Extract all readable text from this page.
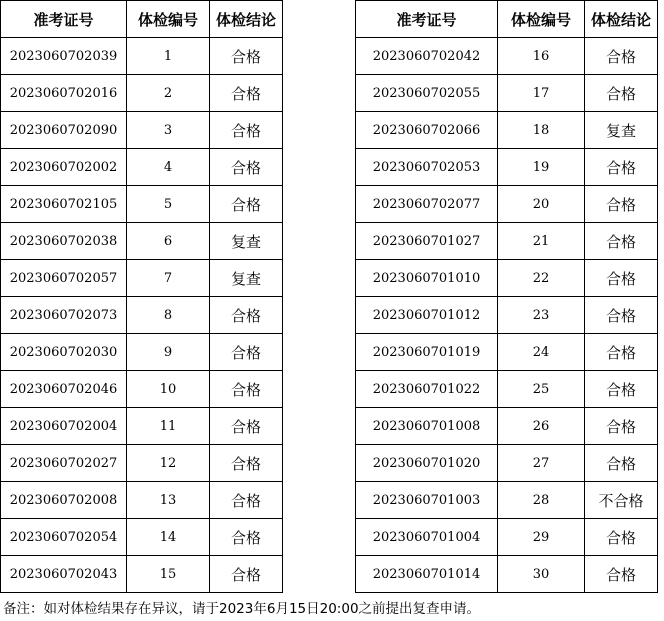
准考证号	体检编号	体检结论		准考证号	体检编号	体检结论
2023060702039	1	合格		2023060702042	16	合格
2023060702016	2	合格		2023060702055	17	合格
2023060702090	3	合格		2023060702066	18	复查
2023060702002	4	合格		2023060702053	19	合格
2023060702105	5	合格		2023060702077	20	合格
2023060702038	6	复查		2023060701027	21	合格
2023060702057	7	复查		2023060701010	22	合格
2023060702073	8	合格		2023060701012	23	合格
2023060702030	9	合格		2023060701019	24	合格
2023060702046	10	合格		2023060701022	25	合格
2023060702004	11	合格		2023060701008	26	合格
2023060702027	12	合格		2023060701020	27	合格
2023060702008	13	合格		2023060701003	28	不合格
2023060702054	14	合格		2023060701004	29	合格
2023060702043	15	合格		2023060701014	30	合格
备注：如对体检结果存在异议，请于2023年6月15日20:00之前提出复查申请。
